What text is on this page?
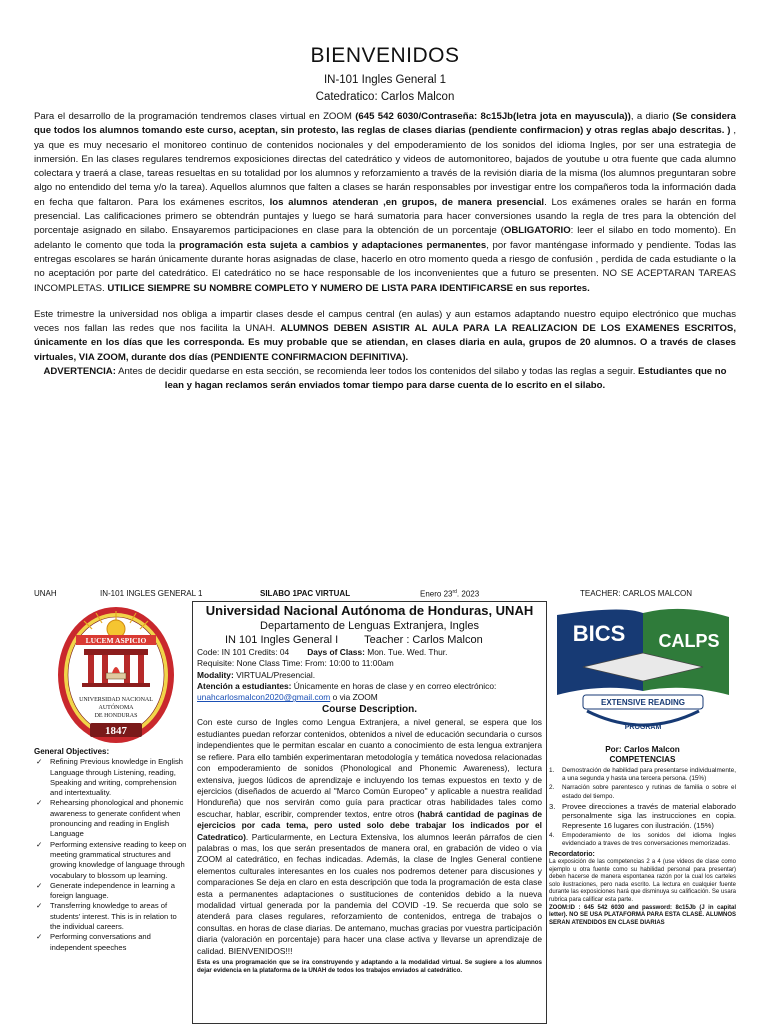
BIENVENIDOS
IN-101 Ingles General 1
Catedratico: Carlos Malcon

Para el desarrollo de la programación tendremos clases virtual en ZOOM (645 542 6030/Contraseña: 8c15Jb(letra jota en mayuscula)), a diario (Se considera que todos los alumnos tomando este curso, aceptan, sin protesto, las reglas de clases diarias (pendiente confirmacion) y otras reglas abajo descritas. ) , ya que es muy necesario el monitoreo continuo de contenidos nocionales y del empoderamiento de los sonidos del idioma Ingles, por ser una estrategia de inmersión. En las clases regulares tendremos exposiciones directas del catedrático y videos de automonitoreo, bajados de youtube u otra fuente que cada alumno colectara y traerá a clase, tareas resueltas en su totalidad por los alumnos y reforzamiento a través de la revisión diaria de la misma (los alumnos preguntaran sobre algo no entendido del tema y/o la tarea). Aquellos alumnos que falten a clases se harán responsables por investigar entre los compañeros toda la información dada en fecha que faltaron. Para los exámenes escritos, los alumnos atenderan ,en grupos, de manera presencial. Los exámenes orales se harán en forma presencial. Las calificaciones primero se obtendrán puntajes y luego se hará sumatoria para hacer conversiones usando la regla de tres para la obtención del porcentaje asignado en silabo. Ensayaremos participaciones en clase para la obtención de un porcentaje (OBLIGATORIO: leer el silabo en todo momento). En adelanto le comento que toda la programación esta sujeta a cambios y adaptaciones permanentes, por favor manténgase informado y pendiente. Todas las entregas escolares se harán únicamente durante horas asignadas de clase, hacerlo en otro momento queda a riesgo de confusión , perdida de cada estudiante o la no aceptación por parte del catedrático. El catedrático no se hace responsable de los inconvenientes que a futuro se presenten. NO SE ACEPTARAN TAREAS INCOMPLETAS. UTILICE SIEMPRE SU NOMBRE COMPLETO Y NUMERO DE LISTA PARA IDENTIFICARSE en sus reportes.

Este trimestre la universidad nos obliga a impartir clases desde el campus central (en aulas) y aun estamos adaptando nuestro equipo electrónico que muchas veces nos fallan las redes que nos facilita la UNAH. ALUMNOS DEBEN ASISTIR AL AULA PARA LA REALIZACION DE LOS EXAMENES ESCRITOS, únicamente en los días que les corresponda. Es muy probable que se atiendan, en clases diaria en aula, grupos de 20 alumnos. O a través de clases virtuales, VIA ZOOM, durante dos días (PENDIENTE CONFIRMACION DEFINITIVA).

ADVERTENCIA: Antes de decidir quedarse en esta sección, se recomienda leer todos los contenidos del silabo y todas las reglas a seguir. Estudiantes que no lean y hagan reclamos serán enviados tomar tiempo para darse cuenta de lo escrito en el silabo.

UNAH	IN-101 INGLES GENERAL 1	SILABO 1PAC VIRTUAL	Enero 23rd. 2023	TEACHER: CARLOS MALCON
LUCEM ASPICIO
UNIVERSIDAD NACIONAL
AUTÓNOMA
DE HONDURAS
1847
General Objectives:
✓ Refining Previous knowledge in English Language through Listening, reading, Speaking and writing, comprehension and intertextuality.
✓ Rehearsing phonological and phonemic awareness to generate confident when pronouncing and reading in English Language
✓ Performing extensive reading to keep on meeting grammatical structures and growing knowledge of language through vocabulary to blossom up learning.
✓ Generate independence in learning a foreign language.
✓ Transferring knowledge to areas of students' interest. This is in relation to the individual careers.
✓ Performing conversations and independent speeches
Universidad Nacional Autónoma de Honduras, UNAH
Departamento de Lenguas Extranjera, Ingles
IN 101 Ingles General I Teacher : Carlos Malcon
Code: IN 101 Credits: 04 Days of Class: Mon. Tue. Wed. Thur.
Requisite: None Class Time: From: 10:00 to 11:00am
Modality: VIRTUAL/Presencial.
Atención a estudiantes: Únicamente en horas de clase y en correo electrónico:
unahcarlosmalcon2020@gmail.com o via ZOOM
Course Description.
Con este curso de Ingles como Lengua Extranjera, a nivel general, se espera que los estudiantes puedan reforzar contenidos, obtenidos a nivel de educación secundaria o cursos independientes que le permitan escalar en cuanto a conocimiento de esta lengua extranjera se refiere. Para ello también experimentaran metodología y temática novedosa relacionadas con empoderamiento de sonidos (Phonological and Phonemic Awareness), lectura extensiva, juegos lúdicos de aprendizaje e incluyendo los temas expuestos en texto y de ejercicios (diseñados de acuerdo al "Marco Común Europeo" y aplicable a nuestra realidad Hondureña) que nos servirán como guía para practicar otras habilidades tales como escuchar, hablar, escribir, comprender textos, entre otros (habrá cantidad de paginas de ejercicios por cada tema, pero usted solo debe trabajar los indicados por el Catedratico). Particularmente, en Lectura Extensiva, los alumnos leerán párrafos de cien palabras o mas, los que serán presentados de manera oral, en grabación de video o via ZOOM al catedrático, en fechas indicadas. Además, la clase de Ingles General contiene elementos culturales interesantes en los cuales nos podremos detener para discusiones y comparaciones Se deja en claro en esta descripción que toda la programación de esta clase esta a permanentes adaptaciones o sustituciones de contenidos debido a la nueva modalidad virtual generada por la pandemia del COVID -19. Se recuerda que solo se atenderá para clases regulares, reforzamiento de contenidos, entrega de trabajos o consultas. en horas de clase diarias. De antemano, muchas gracias por vuestra participación diaria (valoración en porcentaje) para hacer una clase activa y llevarse un aprendizaje de calidad. BIENVENIDOS!!!
Esta es una programación que se ira construyendo y adaptando a la modalidad virtual. Se sugiere a los alumnos dejar evidencia en la plataforma de la UNAH de todos los trabajos enviados al catedrático.
BICS CALPS
EXTENSIVE READING
PROGRAM
Por: Carlos Malcon
COMPETENCIAS
1. Demostración de habilidad para presentarse individualmente, a una segunda y hasta una tercera persona. (15%)
2. Narración sobre parentesco y rutinas de familia o sobre el estado del tiempo.
3. Provee direcciones a través de material elaborado personalmente siga las instrucciones en copia. Represente 16 lugares con ilustración. (15%)
4. Empoderamiento de los sonidos del idioma Ingles evidenciado a traves de tres conversaciones memorizadas.
Recordatorio:
La exposición de las competencias 2 a 4 (use videos de clase como ejemplo u otra fuente como su habilidad personal para presentar) deben hacerse de manera espontanea razón por la cual los carteles solo ilustraciones, pero nada escrito. La lectura en cualquier fuente durante las exposiciones hará que disminuya su calificación. Se usara rubrica para calificar esta parte.
ZOOM:ID : 645 542 6030 and password: 8c15Jb (J in capital letter). NO SE USA PLATAFORMA PARA ESTA CLASE. ALUMNOS SERAN ATENDIDOS EN CLASE DIARIAS
